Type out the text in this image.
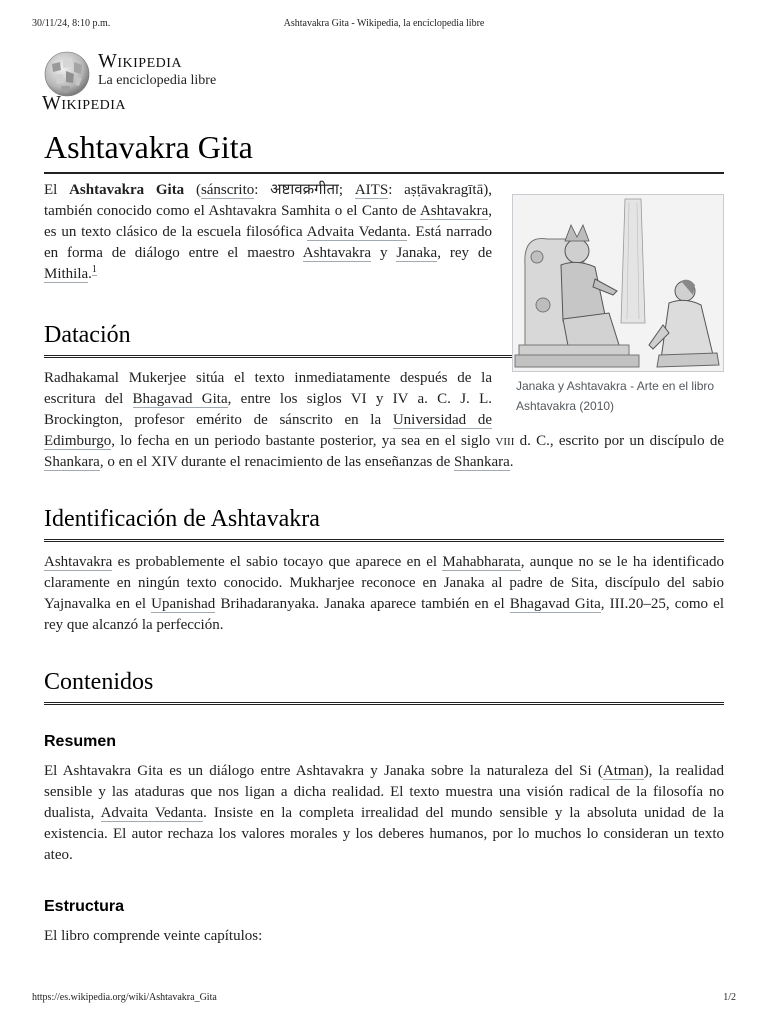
30/11/24, 8:10 p.m.	Ashtavakra Gita - Wikipedia, la enciclopedia libre
Wikipedia
La enciclopedia libre
Wikipedia
Ashtavakra Gita
Janaka y Ashtavakra - Arte en el libro Ashtavakra (2010)

El Ashtavakra Gita (sánscrito: अष्टावक्रगीता; AITS: aṣṭāvakragītā), también conocido como el Ashtavakra Samhita o el Canto de Ashtavakra, es un texto clásico de la escuela filosófica Advaita Vedanta. Está narrado en forma de diálogo entre el maestro Ashtavakra y Janaka, rey de Mithila.$^1$

Datación

Radhakamal Mukerjee sitúa el texto inmediatamente después de la escritura del Bhagavad Gita, entre los siglos VI y IV a. C. J. L. Brockington, profesor emérito de sánscrito en la Universidad de Edimburgo, lo fecha en un periodo bastante posterior, ya sea en el siglo viii d. C., escrito por un discípulo de Shankara, o en el XIV durante el renacimiento de las enseñanzas de Shankara.

Identificación de Ashtavakra

Ashtavakra es probablemente el sabio tocayo que aparece en el Mahabharata, aunque no se le ha identificado claramente en ningún texto conocido. Mukharjee reconoce en Janaka al padre de Sita, discípulo del sabio Yajnavalka en el Upanishad Brihadaranyaka. Janaka aparece también en el Bhagavad Gita, III.20–25, como el rey que alcanzó la perfección.

Contenidos
Resumen

El Ashtavakra Gita es un diálogo entre Ashtavakra y Janaka sobre la naturaleza del Si (Atman), la realidad sensible y las ataduras que nos ligan a dicha realidad. El texto muestra una visión radical de la filosofía no dualista, Advaita Vedanta. Insiste en la completa irrealidad del mundo sensible y la absoluta unidad de la existencia. El autor rechaza los valores morales y los deberes humanos, por lo muchos lo consideran un texto ateo.

Estructura

El libro comprende veinte capítulos:

https://es.wikipedia.org/wiki/Ashtavakra_Gita	1/2
